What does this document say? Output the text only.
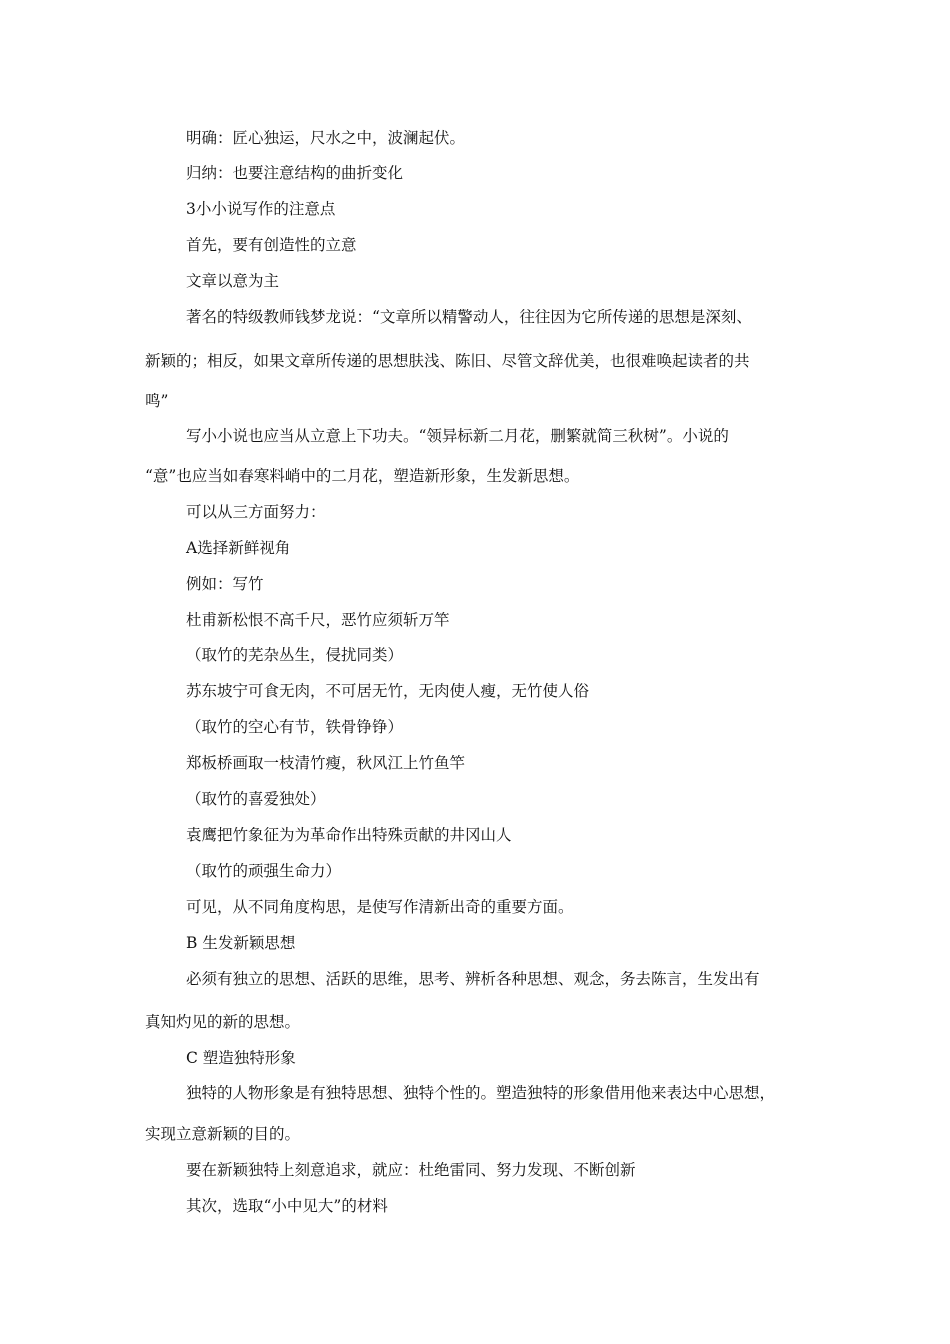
明确：匠心独运，尺水之中，波澜起伏。

归纳：也要注意结构的曲折变化

3小小说写作的注意点

首先，要有创造性的立意

文章以意为主

著名的特级教师钱梦龙说：“文章所以精警动人，往往因为它所传递的思想是深刻、

新颖的；相反，如果文章所传递的思想肤浅、陈旧、尽管文辞优美，也很难唤起读者的共

鸣”

写小小说也应当从立意上下功夫。“领异标新二月花，删繁就简三秋树”。小说的

“意”也应当如春寒料峭中的二月花，塑造新形象，生发新思想。

可以从三方面努力：

A选择新鲜视角

例如：写竹

杜甫新松恨不高千尺，恶竹应须斩万竿

（取竹的芜杂丛生，侵扰同类）

苏东坡宁可食无肉，不可居无竹，无肉使人瘦，无竹使人俗

（取竹的空心有节，铁骨铮铮）

郑板桥画取一枝清竹瘦，秋风江上竹鱼竿

（取竹的喜爱独处）

袁鹰把竹象征为为革命作出特殊贡献的井冈山人

（取竹的顽强生命力）

可见，从不同角度构思，是使写作清新出奇的重要方面。

B 生发新颖思想

必须有独立的思想、活跃的思维，思考、辨析各种思想、观念，务去陈言，生发出有

真知灼见的新的思想。

C 塑造独特形象

独特的人物形象是有独特思想、独特个性的。塑造独特的形象借用他来表达中心思想，

实现立意新颖的目的。

要在新颖独特上刻意追求，就应：杜绝雷同、努力发现、不断创新

其次，选取“小中见大”的材料
